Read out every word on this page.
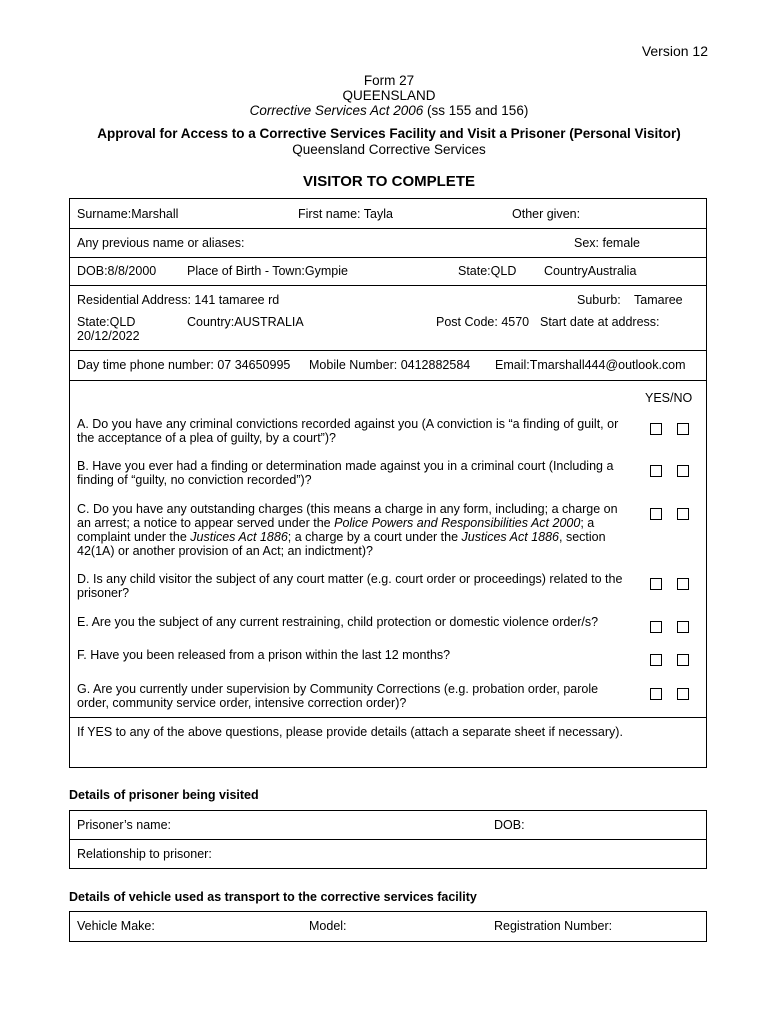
Version 12
Form 27
QUEENSLAND
Corrective Services Act 2006 (ss 155 and 156)
Approval for Access to a Corrective Services Facility and Visit a Prisoner (Personal Visitor)
Queensland Corrective Services
VISITOR TO COMPLETE
Surname:Marshall	First name: Tayla	Other given:
Any previous name or aliases:	Sex: female
DOB:8/8/2000 Place of Birth - Town:Gympie	State:QLD CountryAustralia
Residential Address: 141 tamaree rd	Suburb: Tamaree
State:QLD	Country:AUSTRALIA	Post Code: 4570 Start date at address:
20/12/2022
Day time phone number: 07 34650995 Mobile Number: 0412882584 Email:Tmarshall444@outlook.com
YES/NO
A. Do you have any criminal convictions recorded against you (A conviction is “a finding of guilt, or the acceptance of a plea of guilty, by a court”)?
B. Have you ever had a finding or determination made against you in a criminal court (Including a finding of “guilty, no conviction recorded”)?
C. Do you have any outstanding charges (this means a charge in any form, including; a charge on an arrest; a notice to appear served under the Police Powers and Responsibilities Act 2000; a complaint under the Justices Act 1886; a charge by a court under the Justices Act 1886, section 42(1A) or another provision of an Act; an indictment)?
D. Is any child visitor the subject of any court matter (e.g. court order or proceedings) related to the prisoner?
E. Are you the subject of any current restraining, child protection or domestic violence order/s?
F. Have you been released from a prison within the last 12 months?
G. Are you currently under supervision by Community Corrections (e.g. probation order, parole order, community service order, intensive correction order)?
If YES to any of the above questions, please provide details (attach a separate sheet if necessary).
Details of prisoner being visited
Prisoner’s name:	DOB:
Relationship to prisoner:
Details of vehicle used as transport to the corrective services facility
Vehicle Make:	Model:	Registration Number:
